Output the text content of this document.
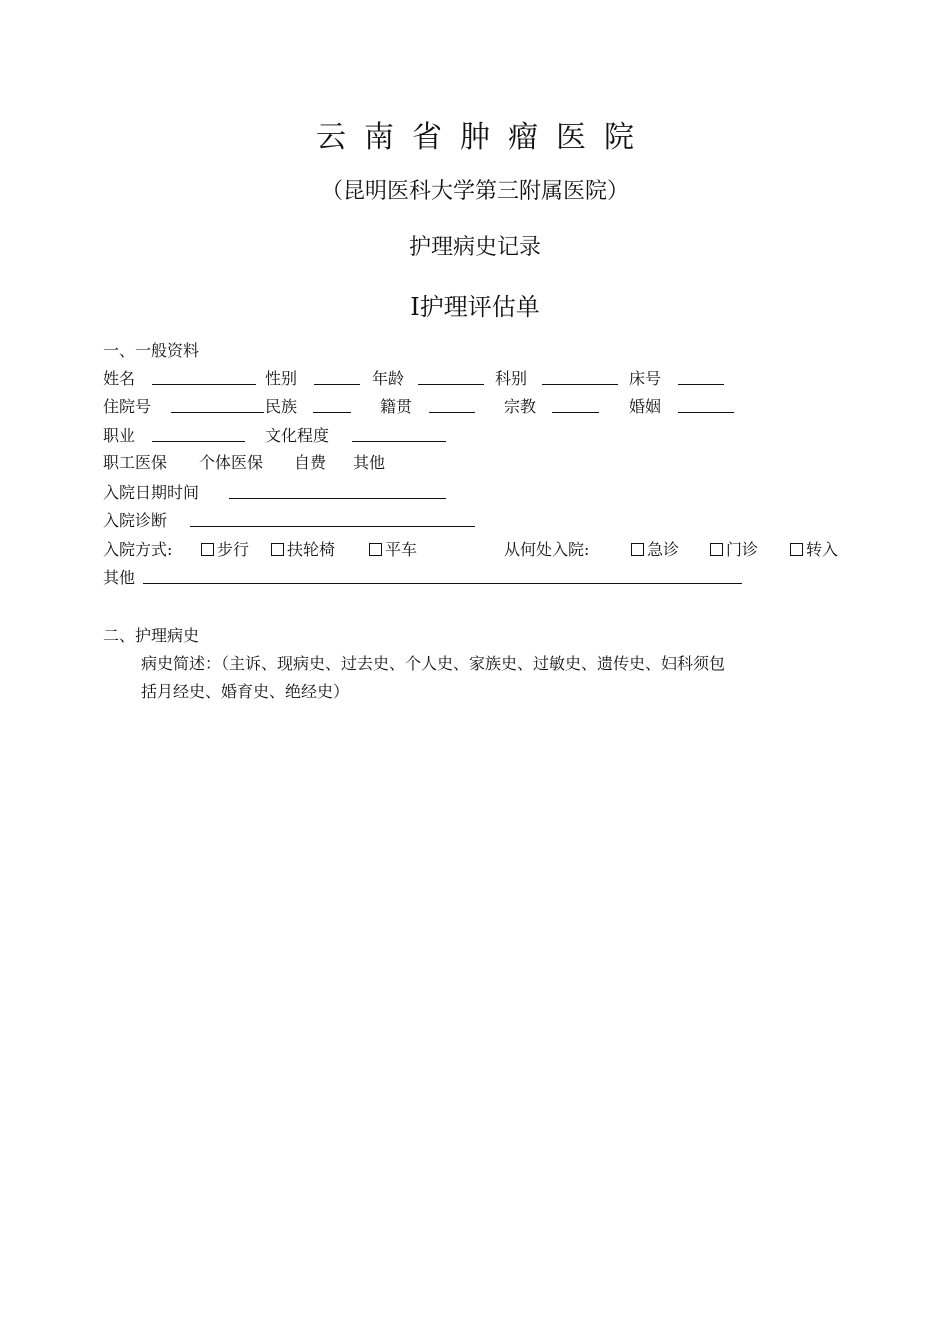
云南省肿瘤医院
（昆明医科大学第三附属医院）
护理病史记录
Ⅰ护理评估单
一、一般资料
姓名	性别	年龄	科别	床号
住院号	民族	籍贯	宗教	婚姻
职业	文化程度
职工医保 个体医保 自费 其他
入院日期时间
入院诊断
入院方式:	步行	扶轮椅	平车	从何处入院:	急诊	门诊	转入
其他
二、护理病史
病史简述：（主诉、现病史、过去史、个人史、家族史、过敏史、遗传史、妇科须包
括月经史、婚育史、绝经史）
